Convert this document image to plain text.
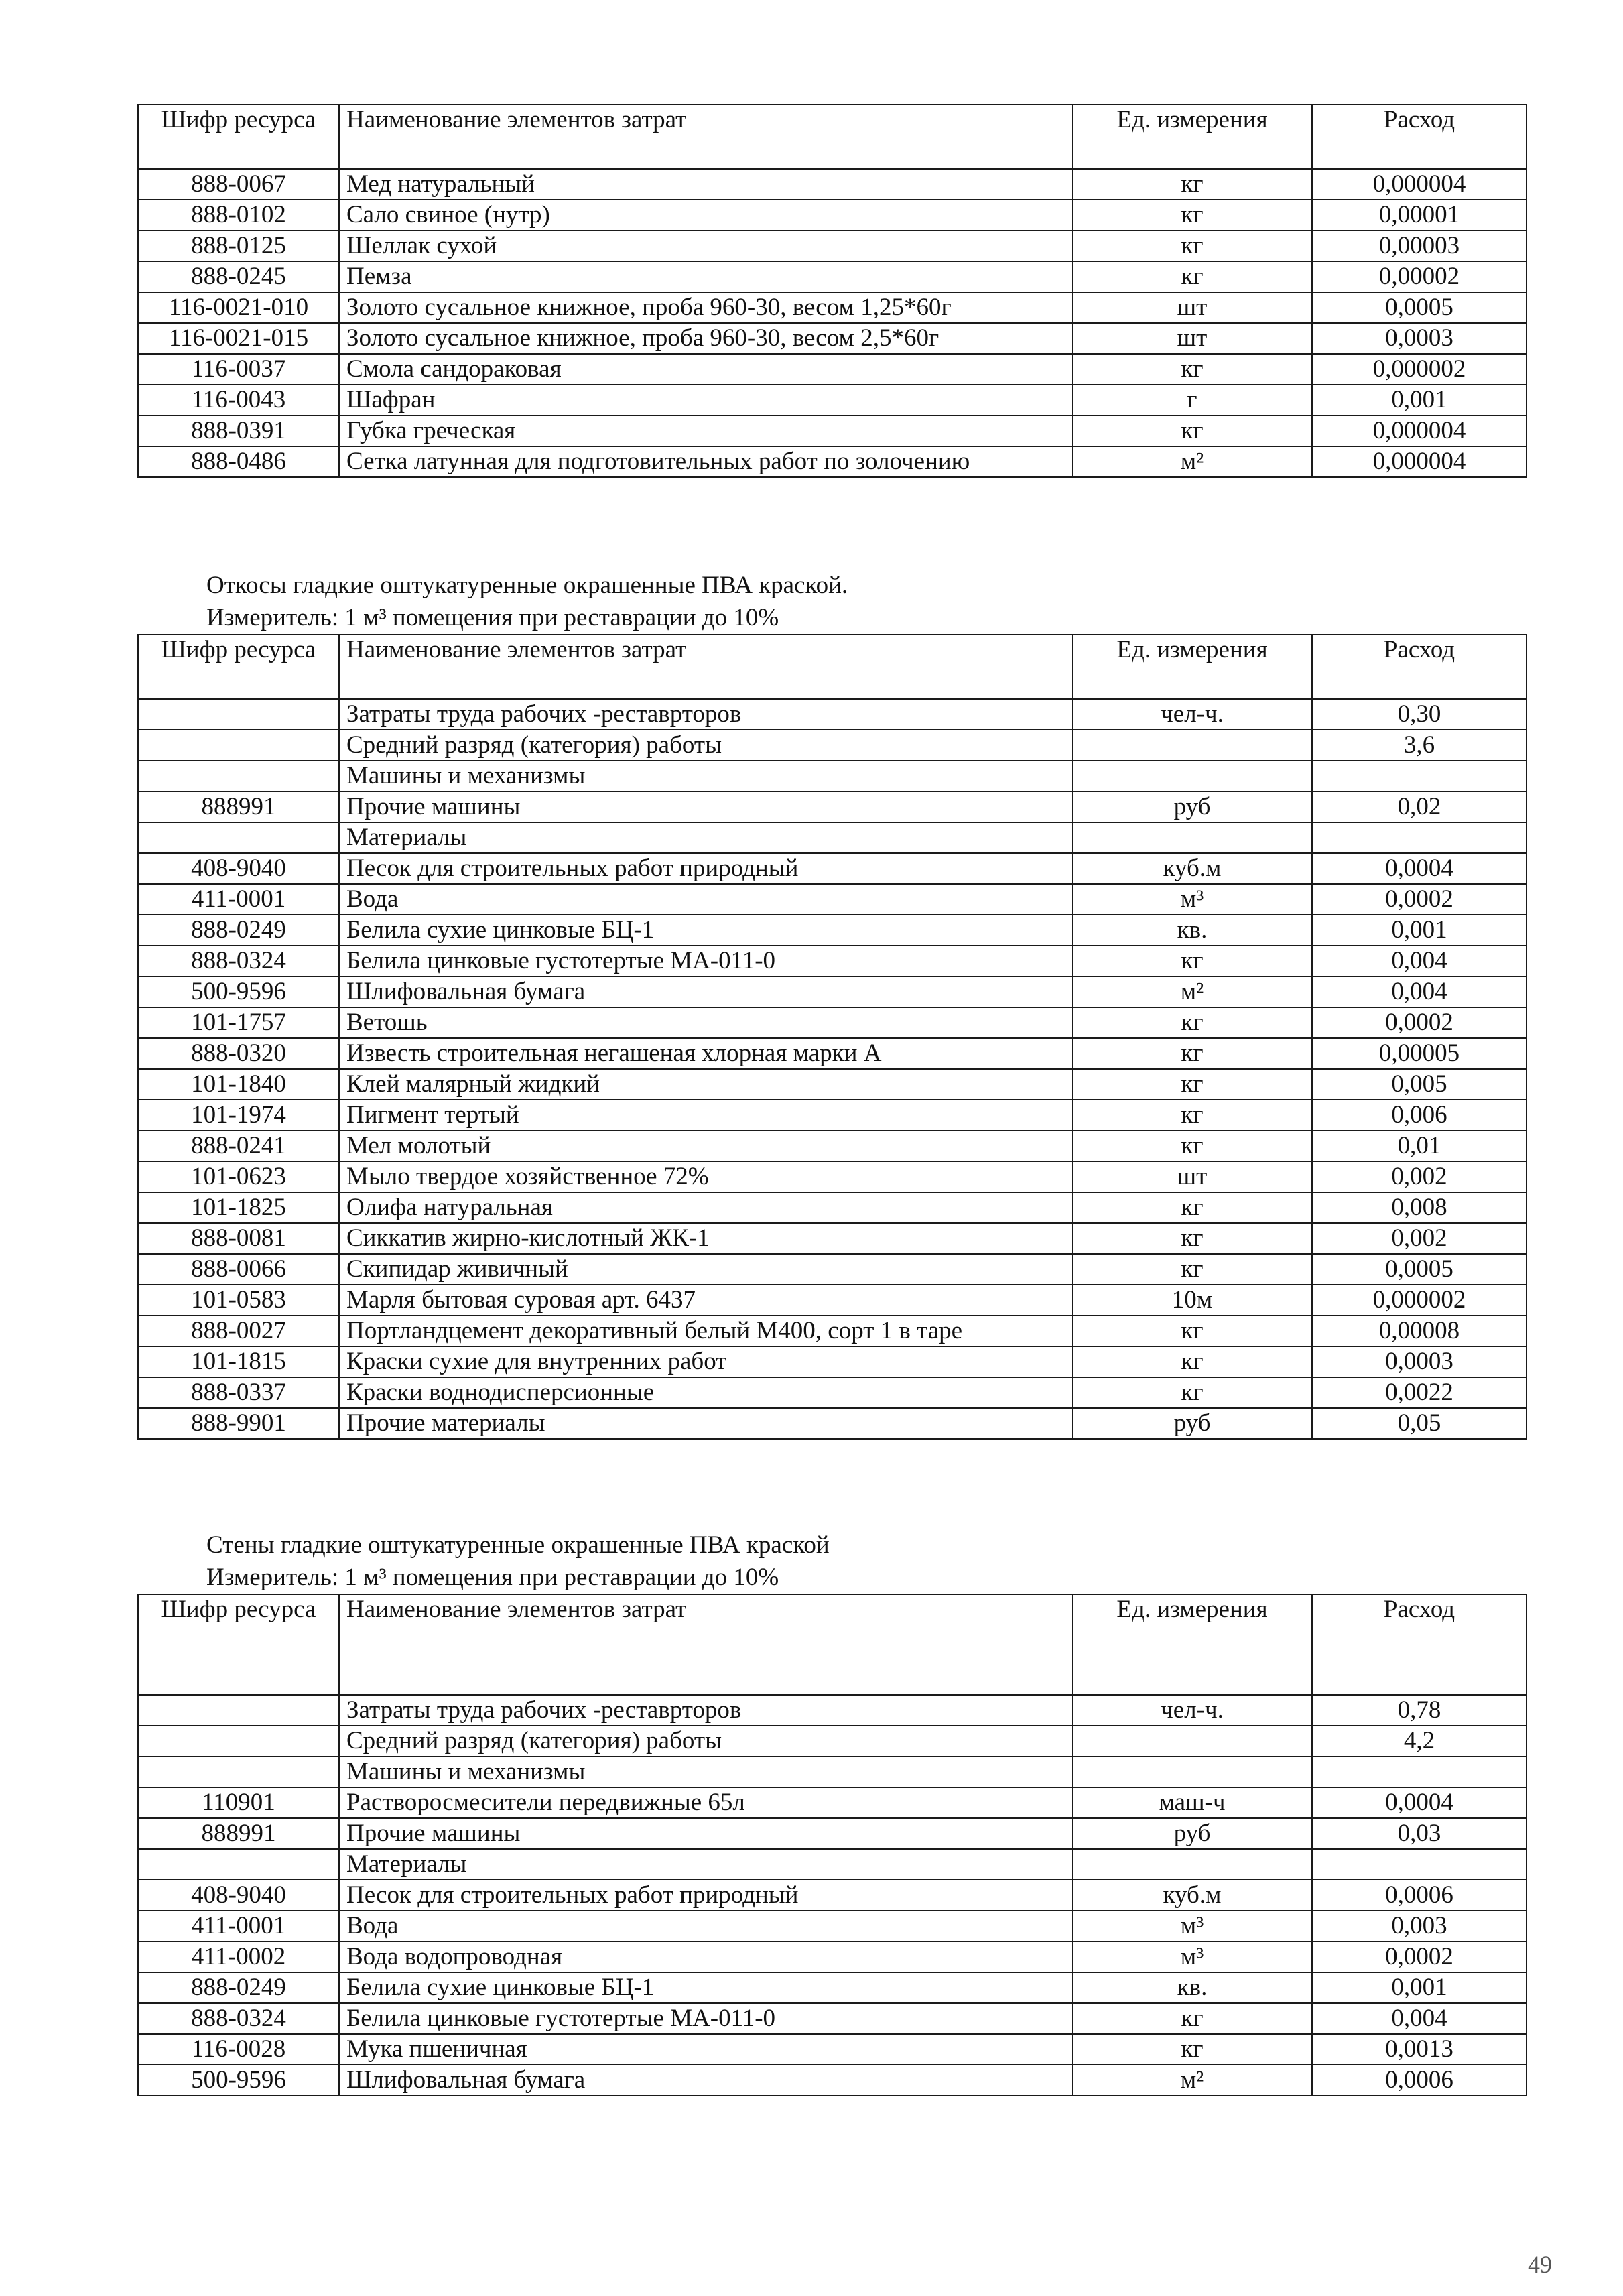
Шифр ресурса	Наименование элементов затрат	Ед. измерения	Расход
888-0067	Мед натуральный	кг	0,000004
888-0102	Сало свиное (нутр)	кг	0,00001
888-0125	Шеллак сухой	кг	0,00003
888-0245	Пемза	кг	0,00002
116-0021-010	Золото сусальное книжное, проба 960-30, весом 1,25*60г	шт	0,0005
116-0021-015	Золото сусальное книжное, проба 960-30, весом 2,5*60г	шт	0,0003
116-0037	Смола сандораковая	кг	0,000002
116-0043	Шафран	г	0,001
888-0391	Губка греческая	кг	0,000004
888-0486	Сетка латунная для подготовительных работ по золочению	м²	0,000004
Откосы гладкие оштукатуренные окрашенные ПВА краской.
Измеритель: 1 м³ помещения при реставрации до 10%
Шифр ресурса	Наименование элементов затрат	Ед. измерения	Расход
	Затраты труда рабочих -реставрторов	чел-ч.	0,30
	Средний разряд (категория) работы		3,6
	Машины и механизмы		
888991	Прочие машины	руб	0,02
	Материалы		
408-9040	Песок для строительных работ природный	куб.м	0,0004
411-0001	Вода	м³	0,0002
888-0249	Белила сухие цинковые БЦ-1	кв.	0,001
888-0324	Белила цинковые густотертые МА-011-0	кг	0,004
500-9596	Шлифовальная бумага	м²	0,004
101-1757	Ветошь	кг	0,0002
888-0320	Известь строительная негашеная хлорная марки А	кг	0,00005
101-1840	Клей малярный жидкий	кг	0,005
101-1974	Пигмент тертый	кг	0,006
888-0241	Мел молотый	кг	0,01
101-0623	Мыло твердое хозяйственное 72%	шт	0,002
101-1825	Олифа натуральная	кг	0,008
888-0081	Сиккатив жирно-кислотный ЖК-1	кг	0,002
888-0066	Скипидар живичный	кг	0,0005
101-0583	Марля бытовая суровая арт. 6437	10м	0,000002
888-0027	Портландцемент декоративный белый М400, сорт 1 в таре	кг	0,00008
101-1815	Краски сухие для внутренних работ	кг	0,0003
888-0337	Краски воднодисперсионные	кг	0,0022
888-9901	Прочие материалы	руб	0,05
Стены гладкие оштукатуренные окрашенные ПВА краской
Измеритель: 1 м³ помещения при реставрации до 10%
Шифр ресурса	Наименование элементов затрат	Ед. измерения	Расход
	Затраты труда рабочих -реставрторов	чел-ч.	0,78
	Средний разряд (категория) работы		4,2
	Машины и механизмы		
110901	Растворосмесители передвижные 65л	маш-ч	0,0004
888991	Прочие машины	руб	0,03
	Материалы		
408-9040	Песок для строительных работ природный	куб.м	0,0006
411-0001	Вода	м³	0,003
411-0002	Вода водопроводная	м³	0,0002
888-0249	Белила сухие цинковые БЦ-1	кв.	0,001
888-0324	Белила цинковые густотертые МА-011-0	кг	0,004
116-0028	Мука пшеничная	кг	0,0013
500-9596	Шлифовальная бумага	м²	0,0006
49
